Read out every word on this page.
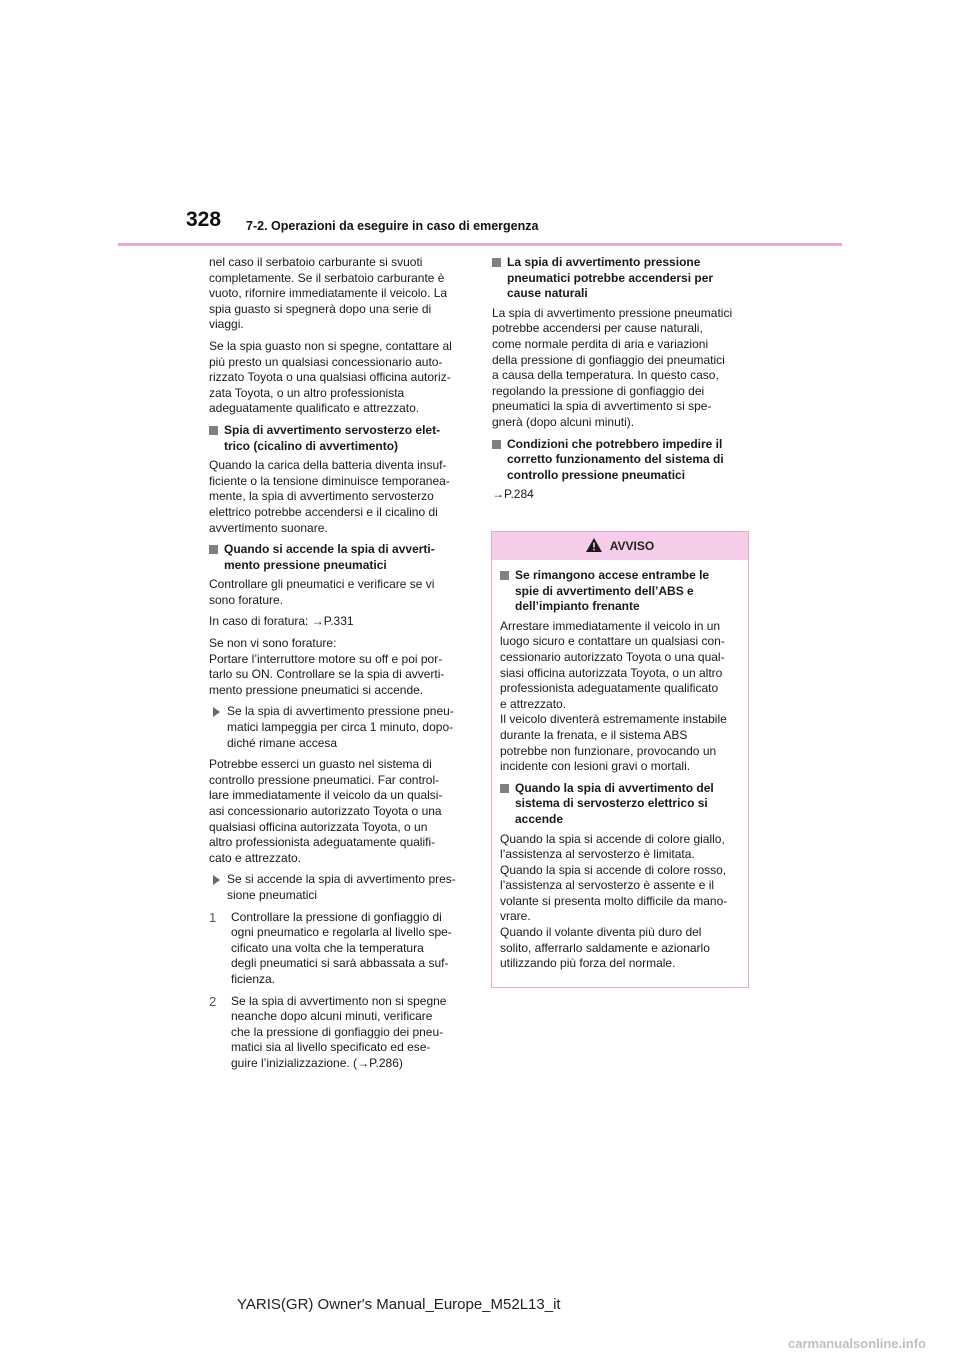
328 7-2. Operazioni da eseguire in caso di emergenza

nel caso il serbatoio carburante si svuoti
completamente. Se il serbatoio carburante è
vuoto, rifornire immediatamente il veicolo. La
spia guasto si spegnerà dopo una serie di
viaggi.

Se la spia guasto non si spegne, contattare al
più presto un qualsiasi concessionario auto-
rizzato Toyota o una qualsiasi officina autoriz-
zata Toyota, o un altro professionista
adeguatamente qualificato e attrezzato.

Spia di avvertimento servosterzo elet-
trico (cicalino di avvertimento)

Quando la carica della batteria diventa insuf-
ficiente o la tensione diminuisce temporanea-
mente, la spia di avvertimento servosterzo
elettrico potrebbe accendersi e il cicalino di
avvertimento suonare.

Quando si accende la spia di avverti-
mento pressione pneumatici

Controllare gli pneumatici e verificare se vi
sono forature.

In caso di foratura: →P.331

Se non vi sono forature:
Portare l’interruttore motore su off e poi por-
tarlo su ON. Controllare se la spia di avverti-
mento pressione pneumatici si accende.

Se la spia di avvertimento pressione pneu-
matici lampeggia per circa 1 minuto, dopo-
diché rimane accesa

Potrebbe esserci un guasto nel sistema di
controllo pressione pneumatici. Far control-
lare immediatamente il veicolo da un qualsi-
asi concessionario autorizzato Toyota o una
qualsiasi officina autorizzata Toyota, o un
altro professionista adeguatamente qualifi-
cato e attrezzato.

Se si accende la spia di avvertimento pres-
sione pneumatici
1	Controllare la pressione di gonfiaggio di
ogni pneumatico e regolarla al livello spe-
cificato una volta che la temperatura
degli pneumatici si sarà abbassata a suf-
ficienza.
2	Se la spia di avvertimento non si spegne
neanche dopo alcuni minuti, verificare
che la pressione di gonfiaggio dei pneu-
matici sia al livello specificato ed ese-
guire l’inizializzazione. (→P.286)
La spia di avvertimento pressione
pneumatici potrebbe accendersi per
cause naturali

La spia di avvertimento pressione pneumatici
potrebbe accendersi per cause naturali,
come normale perdita di aria e variazioni
della pressione di gonfiaggio dei pneumatici
a causa della temperatura. In questo caso,
regolando la pressione di gonfiaggio dei
pneumatici la spia di avvertimento si spe-
gnerà (dopo alcuni minuti).

Condizioni che potrebbero impedire il
corretto funzionamento del sistema di
controllo pressione pneumatici

→P.284

AVVISO
Se rimangono accese entrambe le
spie di avvertimento dell’ABS e
dell’impianto frenante

Arrestare immediatamente il veicolo in un
luogo sicuro e contattare un qualsiasi con-
cessionario autorizzato Toyota o una qual-
siasi officina autorizzata Toyota, o un altro
professionista adeguatamente qualificato
e attrezzato.
Il veicolo diventerà estremamente instabile
durante la frenata, e il sistema ABS
potrebbe non funzionare, provocando un
incidente con lesioni gravi o mortali.

Quando la spia di avvertimento del
sistema di servosterzo elettrico si
accende

Quando la spia si accende di colore giallo,
l’assistenza al servosterzo è limitata.
Quando la spia si accende di colore rosso,
l’assistenza al servosterzo è assente e il
volante si presenta molto difficile da mano-
vrare.
Quando il volante diventa più duro del
solito, afferrarlo saldamente e azionarlo
utilizzando più forza del normale.

YARIS(GR) Owner's Manual_Europe_M52L13_it
carmanualsonline.info
